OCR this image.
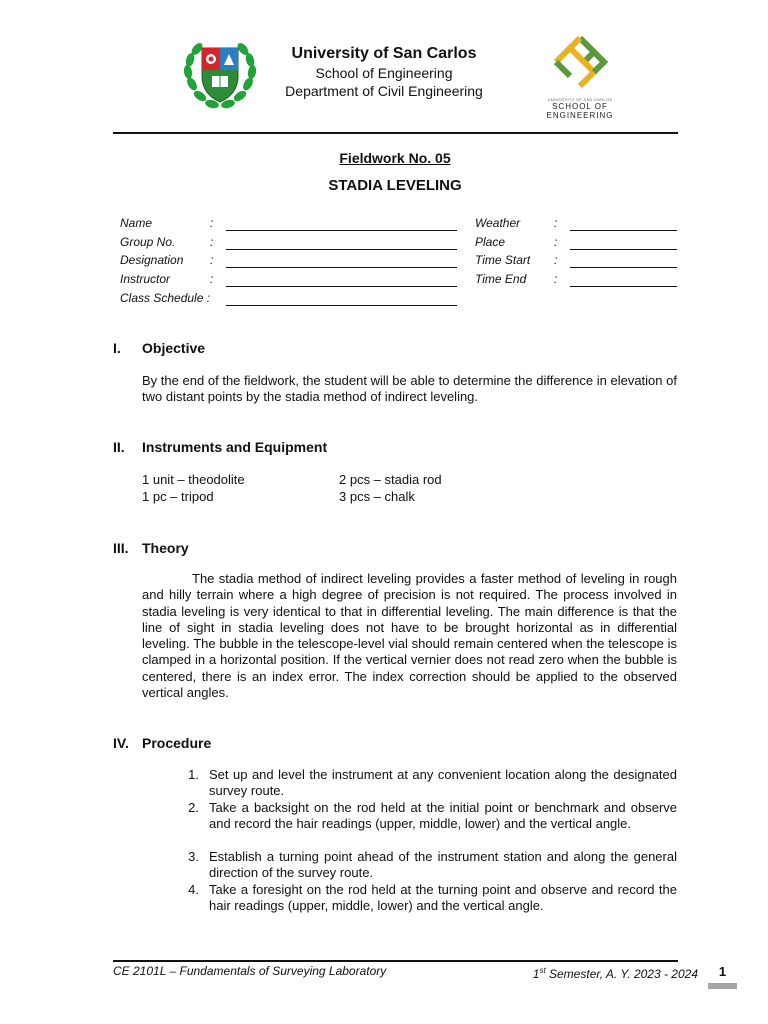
University of San Carlos
School of Engineering
Department of Civil Engineering
UNIVERSITY OF SAN CARLOS
SCHOOL OF
ENGINEERING
Fieldwork No. 05
STADIA LEVELING
Name	:
Group No.	:
Designation :
Instructor	:
Class Schedule :
Weather	:
Place	:
Time Start :
Time End :
I. Objective
By the end of the fieldwork, the student will be able to determine the difference in elevation of two distant points by the stadia method of indirect leveling.
II. Instruments and Equipment
1 unit – theodolite	2 pcs – stadia rod
1 pc – tripod	3 pcs – chalk
III. Theory
The stadia method of indirect leveling provides a faster method of leveling in rough and hilly terrain where a high degree of precision is not required. The process involved in stadia leveling is very identical to that in differential leveling. The main difference is that the line of sight in stadia leveling does not have to be brought horizontal as in differential leveling. The bubble in the telescope-level vial should remain centered when the telescope is clamped in a horizontal position. If the vertical vernier does not read zero when the bubble is centered, there is an index error. The index correction should be applied to the observed vertical angles.
IV. Procedure
1. Set up and level the instrument at any convenient location along the designated survey route.
2. Take a backsight on the rod held at the initial point or benchmark and observe and record the hair readings (upper, middle, lower) and the vertical angle.
3. Establish a turning point ahead of the instrument station and along the general direction of the survey route.
4. Take a foresight on the rod held at the turning point and observe and record the hair readings (upper, middle, lower) and the vertical angle.
CE 2101L – Fundamentals of Surveying Laboratory	1st Semester, A. Y. 2023 - 2024	1
